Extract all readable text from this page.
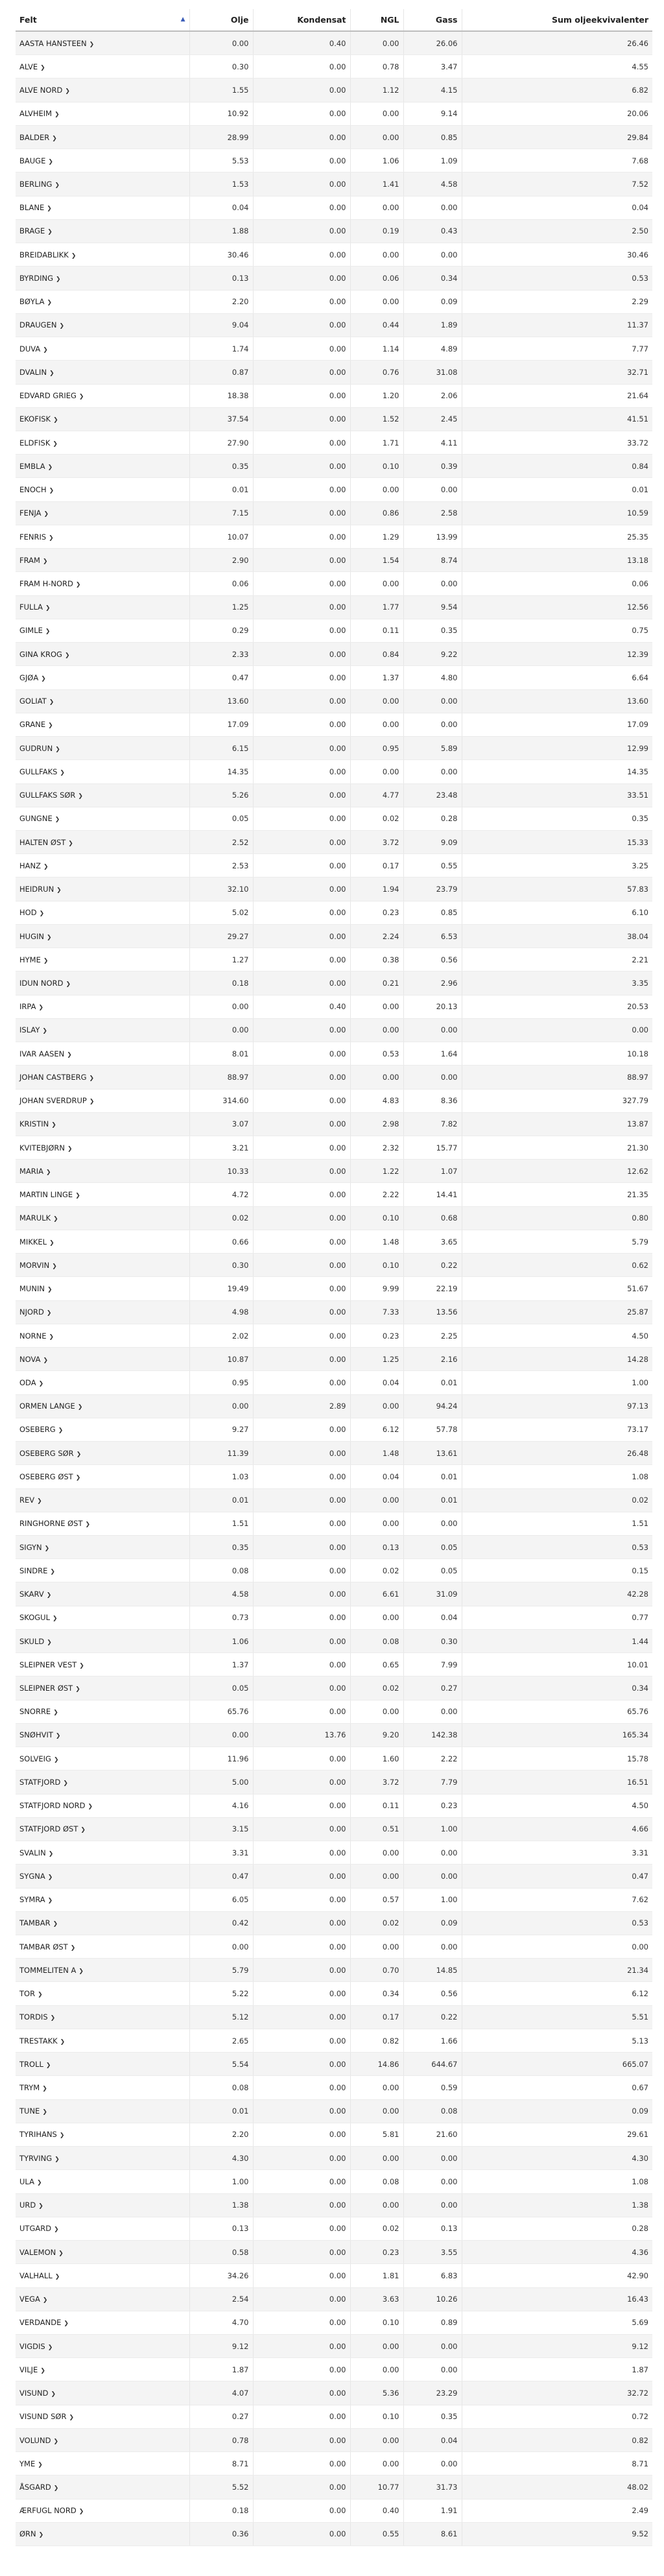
Felt ▲	Olje	Kondensat	NGL	Gass	Sum oljeekvivalenter
AASTA HANSTEEN ❯	0.00	0.40	0.00	26.06	26.46
ALVE ❯	0.30	0.00	0.78	3.47	4.55
ALVE NORD ❯	1.55	0.00	1.12	4.15	6.82
ALVHEIM ❯	10.92	0.00	0.00	9.14	20.06
BALDER ❯	28.99	0.00	0.00	0.85	29.84
BAUGE ❯	5.53	0.00	1.06	1.09	7.68
BERLING ❯	1.53	0.00	1.41	4.58	7.52
BLANE ❯	0.04	0.00	0.00	0.00	0.04
BRAGE ❯	1.88	0.00	0.19	0.43	2.50
BREIDABLIKK ❯	30.46	0.00	0.00	0.00	30.46
BYRDING ❯	0.13	0.00	0.06	0.34	0.53
BØYLA ❯	2.20	0.00	0.00	0.09	2.29
DRAUGEN ❯	9.04	0.00	0.44	1.89	11.37
DUVA ❯	1.74	0.00	1.14	4.89	7.77
DVALIN ❯	0.87	0.00	0.76	31.08	32.71
EDVARD GRIEG ❯	18.38	0.00	1.20	2.06	21.64
EKOFISK ❯	37.54	0.00	1.52	2.45	41.51
ELDFISK ❯	27.90	0.00	1.71	4.11	33.72
EMBLA ❯	0.35	0.00	0.10	0.39	0.84
ENOCH ❯	0.01	0.00	0.00	0.00	0.01
FENJA ❯	7.15	0.00	0.86	2.58	10.59
FENRIS ❯	10.07	0.00	1.29	13.99	25.35
FRAM ❯	2.90	0.00	1.54	8.74	13.18
FRAM H-NORD ❯	0.06	0.00	0.00	0.00	0.06
FULLA ❯	1.25	0.00	1.77	9.54	12.56
GIMLE ❯	0.29	0.00	0.11	0.35	0.75
GINA KROG ❯	2.33	0.00	0.84	9.22	12.39
GJØA ❯	0.47	0.00	1.37	4.80	6.64
GOLIAT ❯	13.60	0.00	0.00	0.00	13.60
GRANE ❯	17.09	0.00	0.00	0.00	17.09
GUDRUN ❯	6.15	0.00	0.95	5.89	12.99
GULLFAKS ❯	14.35	0.00	0.00	0.00	14.35
GULLFAKS SØR ❯	5.26	0.00	4.77	23.48	33.51
GUNGNE ❯	0.05	0.00	0.02	0.28	0.35
HALTEN ØST ❯	2.52	0.00	3.72	9.09	15.33
HANZ ❯	2.53	0.00	0.17	0.55	3.25
HEIDRUN ❯	32.10	0.00	1.94	23.79	57.83
HOD ❯	5.02	0.00	0.23	0.85	6.10
HUGIN ❯	29.27	0.00	2.24	6.53	38.04
HYME ❯	1.27	0.00	0.38	0.56	2.21
IDUN NORD ❯	0.18	0.00	0.21	2.96	3.35
IRPA ❯	0.00	0.40	0.00	20.13	20.53
ISLAY ❯	0.00	0.00	0.00	0.00	0.00
IVAR AASEN ❯	8.01	0.00	0.53	1.64	10.18
JOHAN CASTBERG ❯	88.97	0.00	0.00	0.00	88.97
JOHAN SVERDRUP ❯	314.60	0.00	4.83	8.36	327.79
KRISTIN ❯	3.07	0.00	2.98	7.82	13.87
KVITEBJØRN ❯	3.21	0.00	2.32	15.77	21.30
MARIA ❯	10.33	0.00	1.22	1.07	12.62
MARTIN LINGE ❯	4.72	0.00	2.22	14.41	21.35
MARULK ❯	0.02	0.00	0.10	0.68	0.80
MIKKEL ❯	0.66	0.00	1.48	3.65	5.79
MORVIN ❯	0.30	0.00	0.10	0.22	0.62
MUNIN ❯	19.49	0.00	9.99	22.19	51.67
NJORD ❯	4.98	0.00	7.33	13.56	25.87
NORNE ❯	2.02	0.00	0.23	2.25	4.50
NOVA ❯	10.87	0.00	1.25	2.16	14.28
ODA ❯	0.95	0.00	0.04	0.01	1.00
ORMEN LANGE ❯	0.00	2.89	0.00	94.24	97.13
OSEBERG ❯	9.27	0.00	6.12	57.78	73.17
OSEBERG SØR ❯	11.39	0.00	1.48	13.61	26.48
OSEBERG ØST ❯	1.03	0.00	0.04	0.01	1.08
REV ❯	0.01	0.00	0.00	0.01	0.02
RINGHORNE ØST ❯	1.51	0.00	0.00	0.00	1.51
SIGYN ❯	0.35	0.00	0.13	0.05	0.53
SINDRE ❯	0.08	0.00	0.02	0.05	0.15
SKARV ❯	4.58	0.00	6.61	31.09	42.28
SKOGUL ❯	0.73	0.00	0.00	0.04	0.77
SKULD ❯	1.06	0.00	0.08	0.30	1.44
SLEIPNER VEST ❯	1.37	0.00	0.65	7.99	10.01
SLEIPNER ØST ❯	0.05	0.00	0.02	0.27	0.34
SNORRE ❯	65.76	0.00	0.00	0.00	65.76
SNØHVIT ❯	0.00	13.76	9.20	142.38	165.34
SOLVEIG ❯	11.96	0.00	1.60	2.22	15.78
STATFJORD ❯	5.00	0.00	3.72	7.79	16.51
STATFJORD NORD ❯	4.16	0.00	0.11	0.23	4.50
STATFJORD ØST ❯	3.15	0.00	0.51	1.00	4.66
SVALIN ❯	3.31	0.00	0.00	0.00	3.31
SYGNA ❯	0.47	0.00	0.00	0.00	0.47
SYMRA ❯	6.05	0.00	0.57	1.00	7.62
TAMBAR ❯	0.42	0.00	0.02	0.09	0.53
TAMBAR ØST ❯	0.00	0.00	0.00	0.00	0.00
TOMMELITEN A ❯	5.79	0.00	0.70	14.85	21.34
TOR ❯	5.22	0.00	0.34	0.56	6.12
TORDIS ❯	5.12	0.00	0.17	0.22	5.51
TRESTAKK ❯	2.65	0.00	0.82	1.66	5.13
TROLL ❯	5.54	0.00	14.86	644.67	665.07
TRYM ❯	0.08	0.00	0.00	0.59	0.67
TUNE ❯	0.01	0.00	0.00	0.08	0.09
TYRIHANS ❯	2.20	0.00	5.81	21.60	29.61
TYRVING ❯	4.30	0.00	0.00	0.00	4.30
ULA ❯	1.00	0.00	0.08	0.00	1.08
URD ❯	1.38	0.00	0.00	0.00	1.38
UTGARD ❯	0.13	0.00	0.02	0.13	0.28
VALEMON ❯	0.58	0.00	0.23	3.55	4.36
VALHALL ❯	34.26	0.00	1.81	6.83	42.90
VEGA ❯	2.54	0.00	3.63	10.26	16.43
VERDANDE ❯	4.70	0.00	0.10	0.89	5.69
VIGDIS ❯	9.12	0.00	0.00	0.00	9.12
VILJE ❯	1.87	0.00	0.00	0.00	1.87
VISUND ❯	4.07	0.00	5.36	23.29	32.72
VISUND SØR ❯	0.27	0.00	0.10	0.35	0.72
VOLUND ❯	0.78	0.00	0.00	0.04	0.82
YME ❯	8.71	0.00	0.00	0.00	8.71
ÅSGARD ❯	5.52	0.00	10.77	31.73	48.02
ÆRFUGL NORD ❯	0.18	0.00	0.40	1.91	2.49
ØRN ❯	0.36	0.00	0.55	8.61	9.52
